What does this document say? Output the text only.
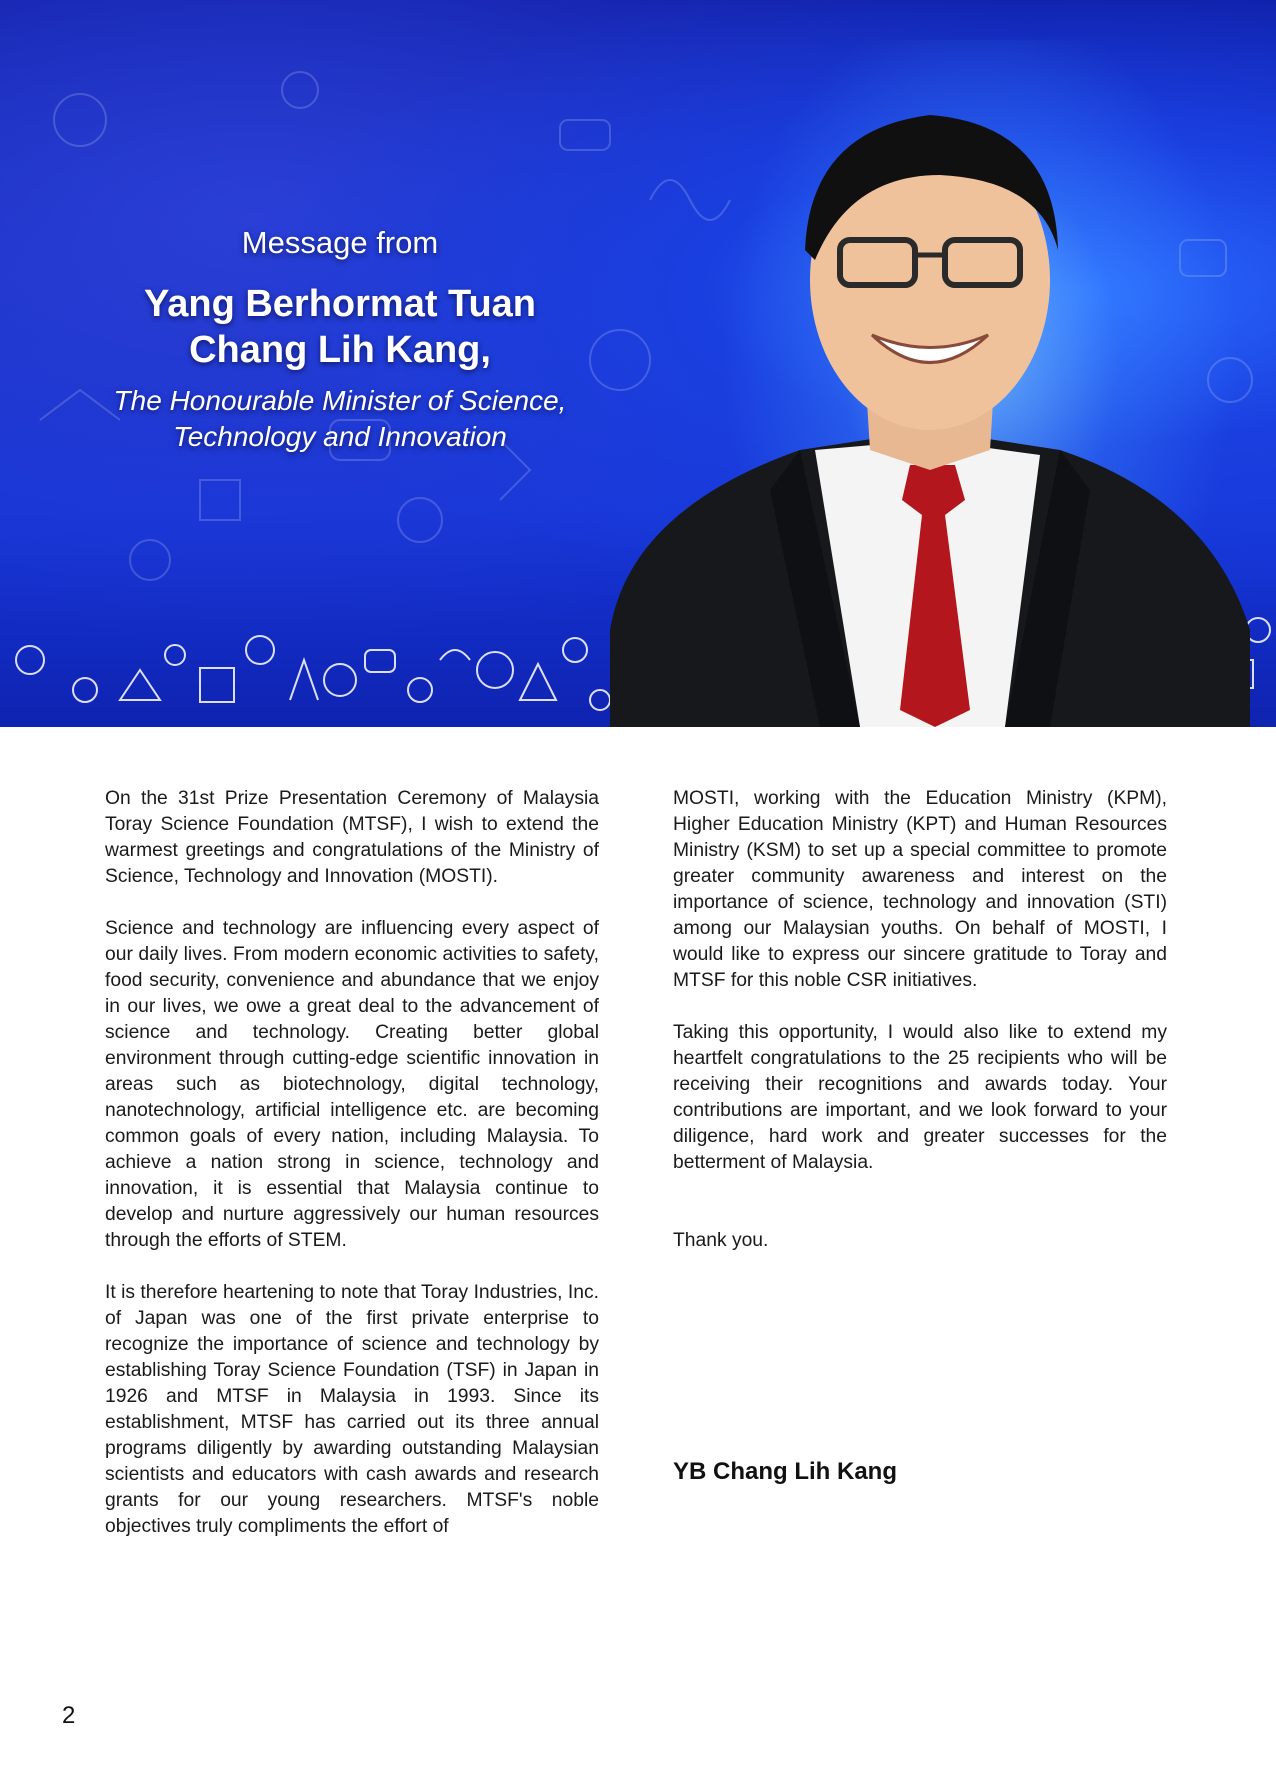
Message from
Yang Berhormat Tuan
Chang Lih Kang,
The Honourable Minister of Science,
Technology and Innovation

On the 31st Prize Presentation Ceremony of Malaysia Toray Science Foundation (MTSF), I wish to extend the warmest greetings and congratulations of the Ministry of Science, Technology and Innovation (MOSTI).

Science and technology are influencing every aspect of our daily lives. From modern economic activities to safety, food security, convenience and abundance that we enjoy in our lives, we owe a great deal to the advancement of science and technology. Creating better global environment through cutting-edge scientific innovation in areas such as biotechnology, digital technology, nanotechnology, artificial intelligence etc. are becoming common goals of every nation, including Malaysia. To achieve a nation strong in science, technology and innovation, it is essential that Malaysia continue to develop and nurture aggressively our human resources through the efforts of STEM.

It is therefore heartening to note that Toray Industries, Inc. of Japan was one of the first private enterprise to recognize the importance of science and technology by establishing Toray Science Foundation (TSF) in Japan in 1926 and MTSF in Malaysia in 1993. Since its establishment, MTSF has carried out its three annual programs diligently by awarding outstanding Malaysian scientists and educators with cash awards and research grants for our young researchers. MTSF's noble objectives truly compliments the effort of

MOSTI, working with the Education Ministry (KPM), Higher Education Ministry (KPT) and Human Resources Ministry (KSM) to set up a special committee to promote greater community awareness and interest on the importance of science, technology and innovation (STI) among our Malaysian youths. On behalf of MOSTI, I would like to express our sincere gratitude to Toray and MTSF for this noble CSR initiatives.

Taking this opportunity, I would also like to extend my heartfelt congratulations to the 25 recipients who will be receiving their recognitions and awards today. Your contributions are important, and we look forward to your diligence, hard work and greater successes for the betterment of Malaysia.

Thank you.

YB Chang Lih Kang
2
